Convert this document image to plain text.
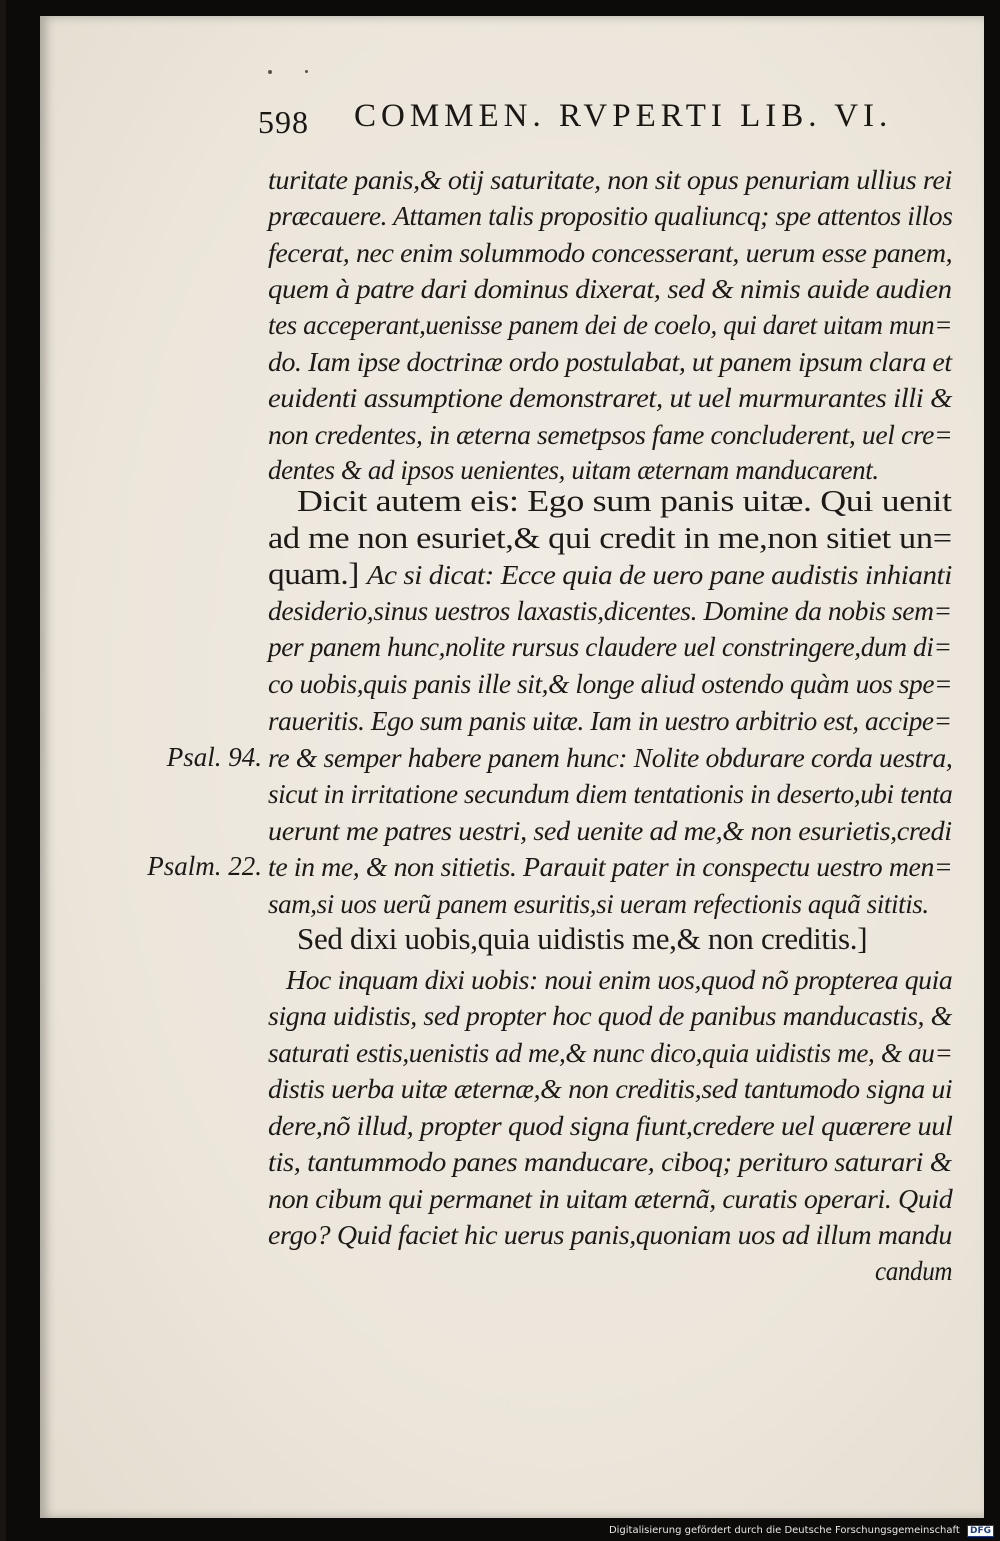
598 COMMEN. RVPERTI LIB. VI.
turitate panis,& otij saturitate, non sit opus penuriam ullius rei
præcauere. Attamen talis propositio qualiuncq; spe attentos illos
fecerat, nec enim solummodo concesserant, uerum esse panem,
quem à patre dari dominus dixerat, sed & nimis auide audien
tes acceperant,uenisse panem dei de coelo, qui daret uitam mun=
do. Iam ipse doctrinæ ordo postulabat, ut panem ipsum clara et
euidenti assumptione demonstraret, ut uel murmurantes illi &
non credentes, in æterna semetpsos fame concluderent, uel cre=
dentes & ad ipsos uenientes, uitam æternam manducarent.
Dicit autem eis: Ego sum panis uitæ. Qui uenit
ad me non esuriet,& qui credit in me,non sitiet un=
quam.] Ac si dicat: Ecce quia de uero pane audistis inhianti
desiderio,sinus uestros laxastis,dicentes. Domine da nobis sem=
per panem hunc,nolite rursus claudere uel constringere,dum di=
co uobis,quis panis ille sit,& longe aliud ostendo quàm uos spe=
raueritis. Ego sum panis uitæ. Iam in uestro arbitrio est, accipe=
re & semper habere panem hunc: Nolite obdurare corda uestra,
sicut in irritatione secundum diem tentationis in deserto,ubi tenta
uerunt me patres uestri, sed uenite ad me,& non esurietis,credi
te in me, & non sitietis. Parauit pater in conspectu uestro men=
sam,si uos uerũ panem esuritis,si ueram refectionis aquã sititis.
Sed dixi uobis,quia uidistis me,& non creditis.]
Hoc inquam dixi uobis: noui enim uos,quod nõ propterea quia
signa uidistis, sed propter hoc quod de panibus manducastis, &
saturati estis,uenistis ad me,& nunc dico,quia uidistis me, & au=
distis uerba uitæ æternæ,& non creditis,sed tantumodo signa ui
dere,nõ illud, propter quod signa fiunt,credere uel quærere uul
tis, tantummodo panes manducare, ciboq; perituro saturari &
non cibum qui permanet in uitam æternã, curatis operari. Quid
ergo? Quid faciet hic uerus panis,quoniam uos ad illum mandu
candum
Psal. 94.
Psalm. 22.
Digitalisierung gefördert durch die Deutsche Forschungsgemeinschaft DFG
